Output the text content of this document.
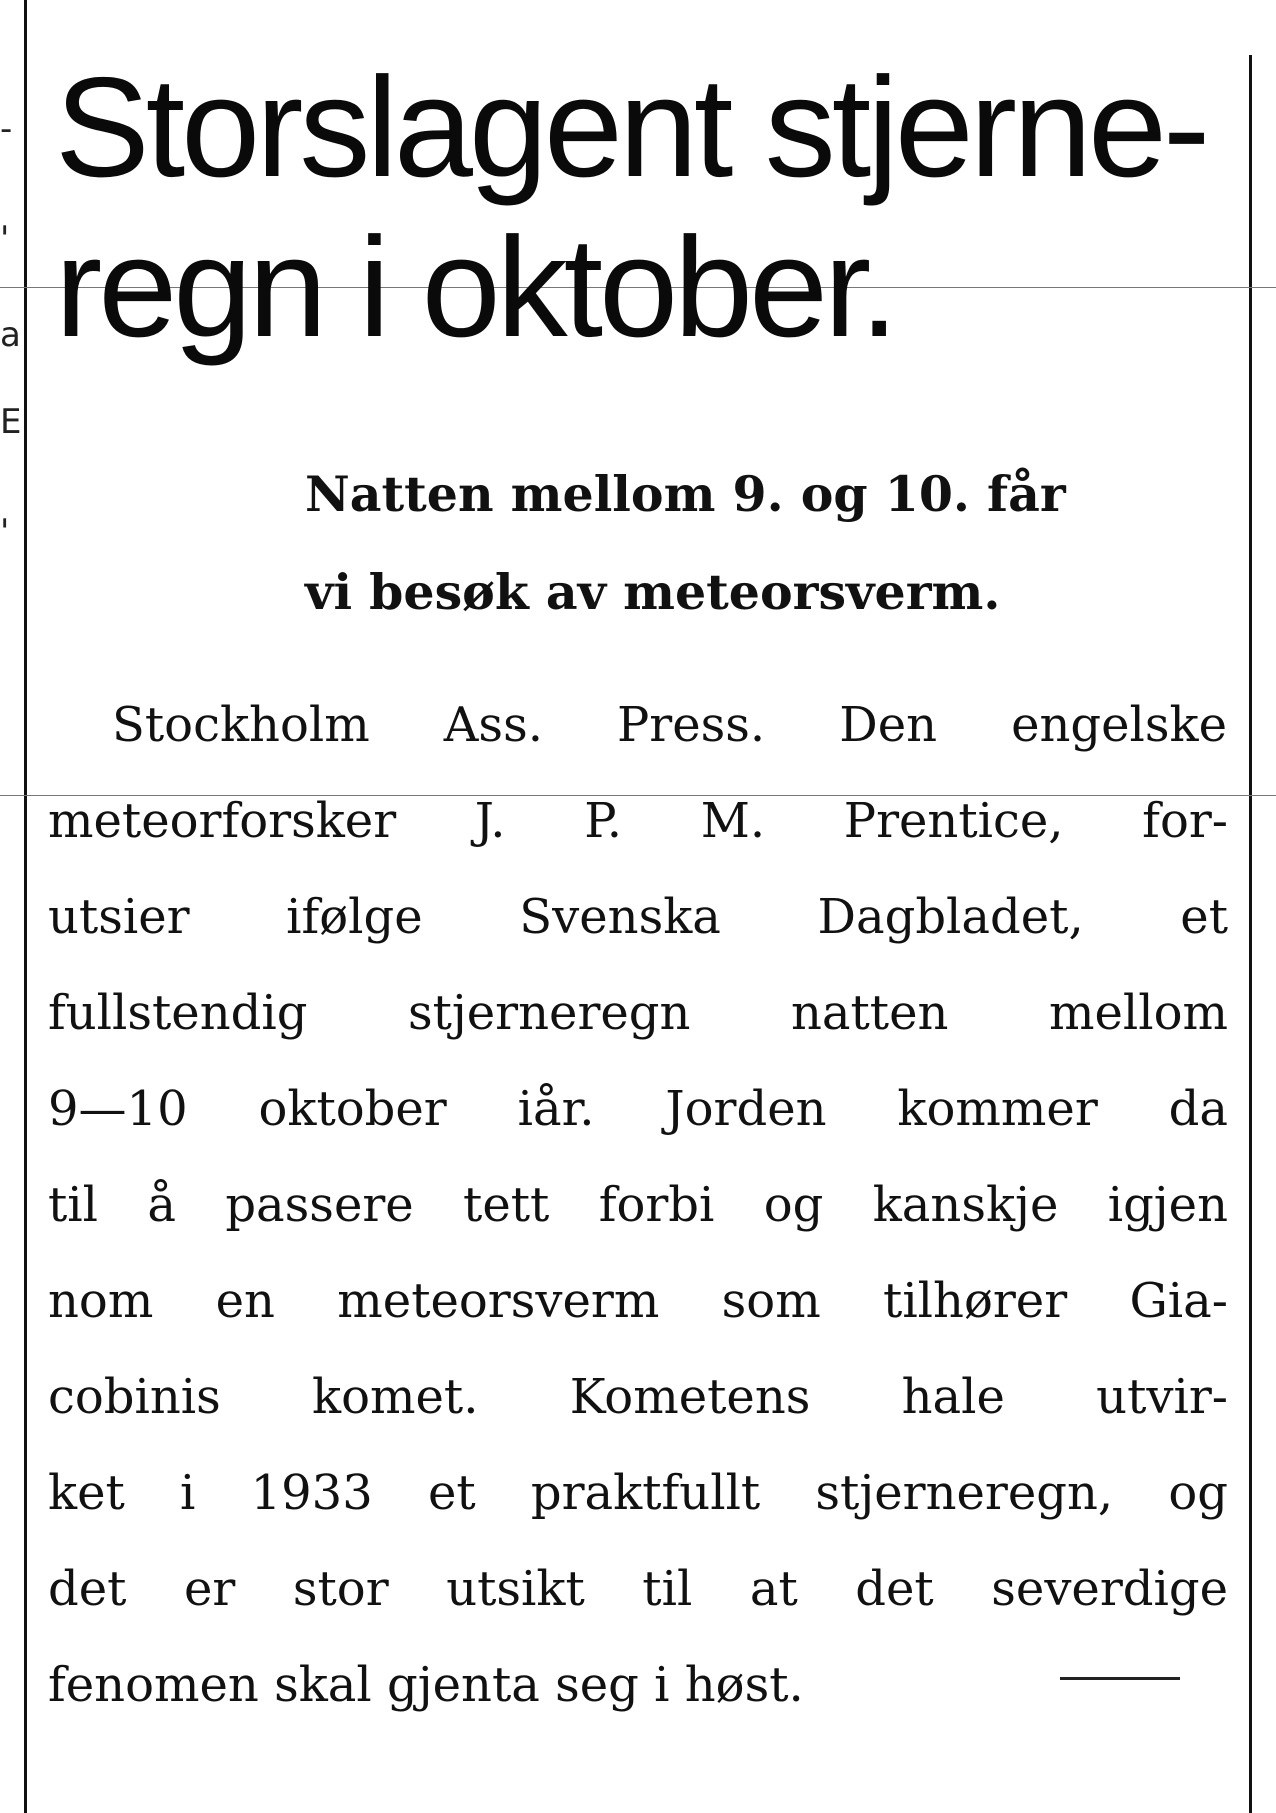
-
'
a
E
'
Storslagent stjerne-
regn i oktober.
Natten mellom 9. og 10. får
vi besøk av meteorsverm.

Stockholm Ass. Press. Den engelske

meteorforsker J. P. M. Prentice, for-

utsier ifølge Svenska Dagbladet, et

fullstendig stjerneregn natten mellom

9—10 oktober iår. Jorden kommer da

til å passere tett forbi og kanskje igjen

nom en meteorsverm som tilhører Gia-

cobinis komet. Kometens hale utvir-

ket i 1933 et praktfullt stjerneregn, og

det er stor utsikt til at det severdige

fenomen skal gjenta seg i høst.
